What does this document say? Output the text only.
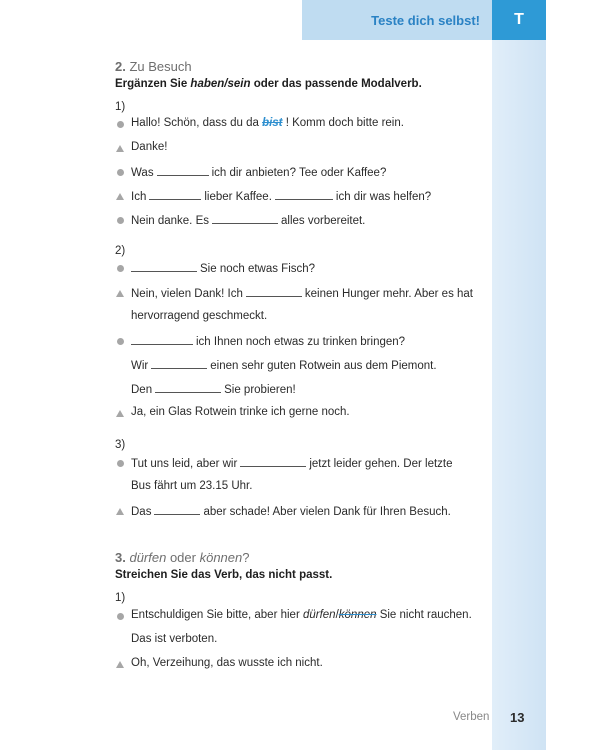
Teste dich selbst!	T
2. Zu Besuch
Ergänzen Sie haben/sein oder das passende Modalverb.
1)
Hallo! Schön, dass du da bist ! Komm doch bitte rein.
Danke!
Was	ich dir anbieten? Tee oder Kaffee?
Ich	lieber Kaffee.	ich dir was helfen?
Nein danke. Es	alles vorbereitet.
2)
Sie noch etwas Fisch?
Nein, vielen Dank! Ich	keinen Hunger mehr. Aber es hat
hervorragend geschmeckt.
ich Ihnen noch etwas zu trinken bringen?
Wir	einen sehr guten Rotwein aus dem Piemont.
Den	Sie probieren!
Ja, ein Glas Rotwein trinke ich gerne noch.
3)
Tut uns leid, aber wir	jetzt leider gehen. Der letzte
Bus fährt um 23.15 Uhr.
Das	aber schade! Aber vielen Dank für Ihren Besuch.
3. dürfen oder können?
Streichen Sie das Verb, das nicht passt.
1)
Entschuldigen Sie bitte, aber hier dürfen/können Sie nicht rauchen.
Das ist verboten.
Oh, Verzeihung, das wusste ich nicht.
Verben 13
